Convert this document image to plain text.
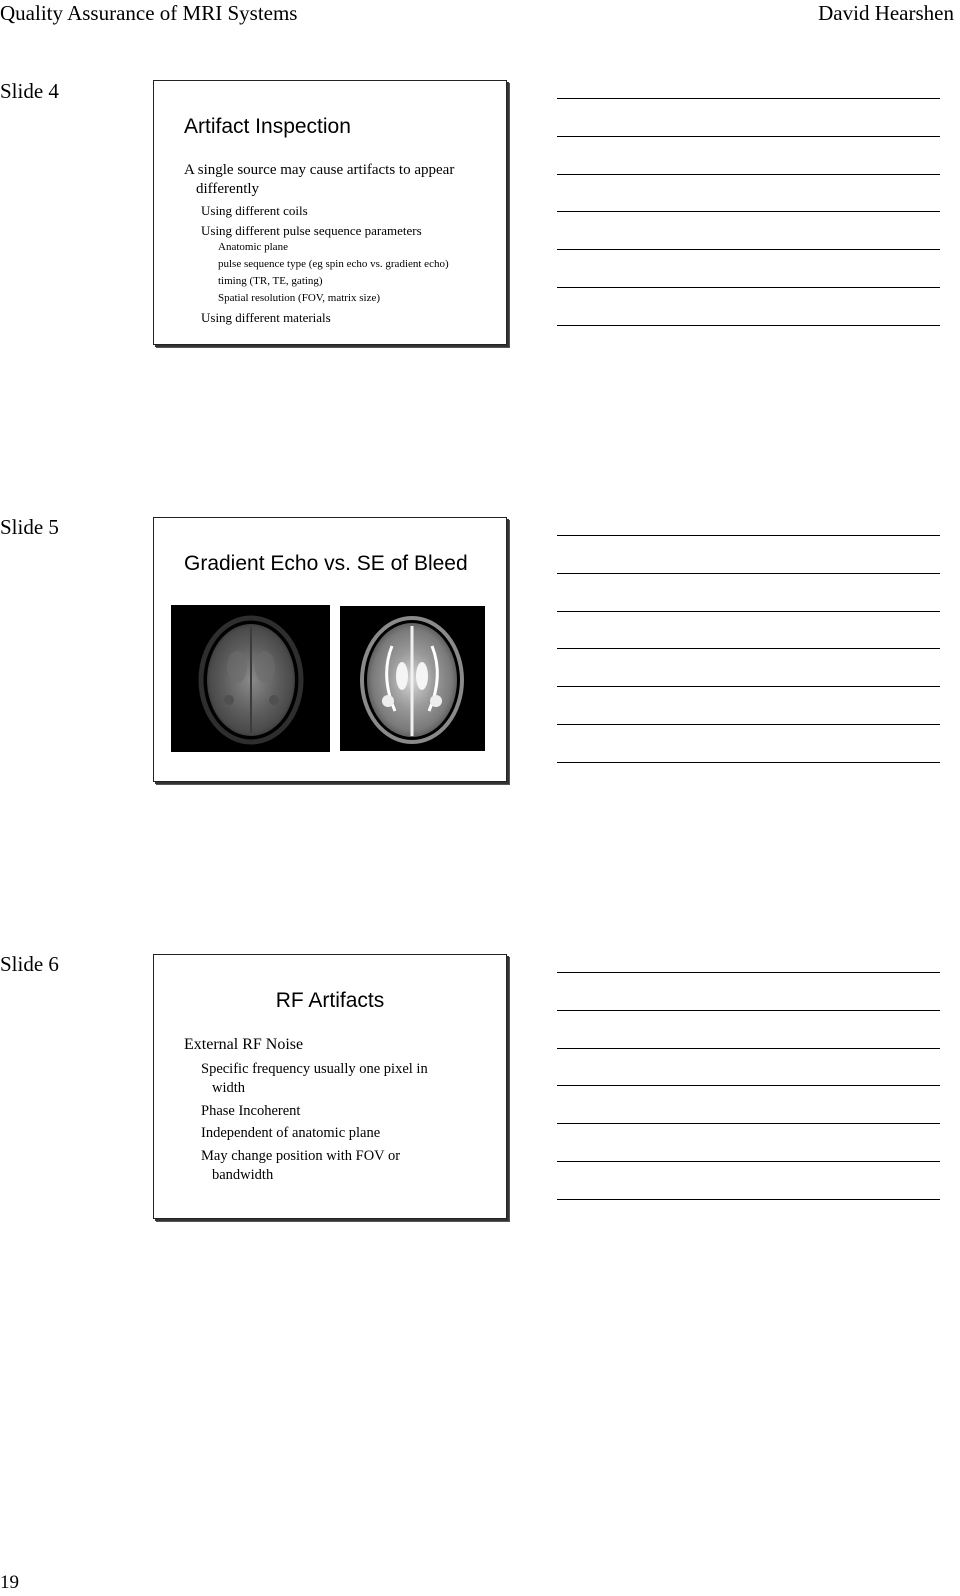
Quality Assurance of MRI Systems	David Hearshen
Slide 4
Artifact Inspection
A single source may cause artifacts to appear
differently
Using different coils
Using different pulse sequence parameters
Anatomic plane
pulse sequence type (eg spin echo vs. gradient echo)
timing (TR, TE, gating)
Spatial resolution (FOV, matrix size)
Using different materials
Slide 5
Gradient Echo vs. SE of Bleed
Slide 6
RF Artifacts
External RF Noise
Specific frequency usually one pixel in
width
Phase Incoherent
Independent of anatomic plane
May change position with FOV or
bandwidth
19
